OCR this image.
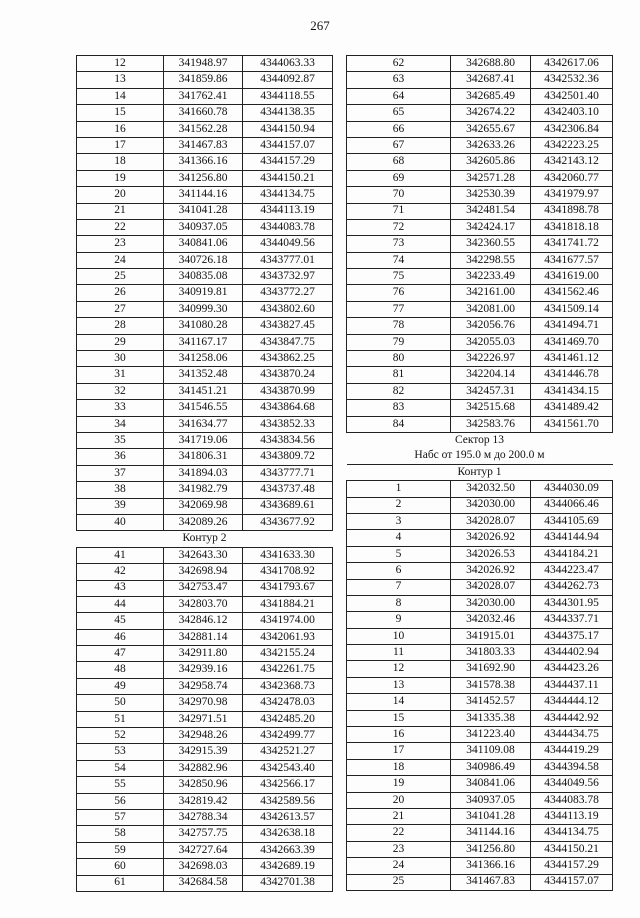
267
12	341948.97	4344063.33
13	341859.86	4344092.87
14	341762.41	4344118.55
15	341660.78	4344138.35
16	341562.28	4344150.94
17	341467.83	4344157.07
18	341366.16	4344157.29
19	341256.80	4344150.21
20	341144.16	4344134.75
21	341041.28	4344113.19
22	340937.05	4344083.78
23	340841.06	4344049.56
24	340726.18	4343777.01
25	340835.08	4343732.97
26	340919.81	4343772.27
27	340999.30	4343802.60
28	341080.28	4343827.45
29	341167.17	4343847.75
30	341258.06	4343862.25
31	341352.48	4343870.24
32	341451.21	4343870.99
33	341546.55	4343864.68
34	341634.77	4343852.33
35	341719.06	4343834.56
36	341806.31	4343809.72
37	341894.03	4343777.71
38	341982.79	4343737.48
39	342069.98	4343689.61
40	342089.26	4343677.92
Контур 2		
41	342643.30	4341633.30
42	342698.94	4341708.92
43	342753.47	4341793.67
44	342803.70	4341884.21
45	342846.12	4341974.00
46	342881.14	4342061.93
47	342911.80	4342155.24
48	342939.16	4342261.75
49	342958.74	4342368.73
50	342970.98	4342478.03
51	342971.51	4342485.20
52	342948.26	4342499.77
53	342915.39	4342521.27
54	342882.96	4342543.40
55	342850.96	4342566.17
56	342819.42	4342589.56
57	342788.34	4342613.57
58	342757.75	4342638.18
59	342727.64	4342663.39
60	342698.03	4342689.19
61	342684.58	4342701.38
62	342688.80	4342617.06
63	342687.41	4342532.36
64	342685.49	4342501.40
65	342674.22	4342403.10
66	342655.67	4342306.84
67	342633.26	4342223.25
68	342605.86	4342143.12
69	342571.28	4342060.77
70	342530.39	4341979.97
71	342481.54	4341898.78
72	342424.17	4341818.18
73	342360.55	4341741.72
74	342298.55	4341677.57
75	342233.49	4341619.00
76	342161.00	4341562.46
77	342081.00	4341509.14
78	342056.76	4341494.71
79	342055.03	4341469.70
80	342226.97	4341461.12
81	342204.14	4341446.78
82	342457.31	4341434.15
83	342515.68	4341489.42
84	342583.76	4341561.70
Сектор 13		
Набс от 195.0 м до 200.0 м		
Контур 1		
1	342032.50	4344030.09
2	342030.00	4344066.46
3	342028.07	4344105.69
4	342026.92	4344144.94
5	342026.53	4344184.21
6	342026.92	4344223.47
7	342028.07	4344262.73
8	342030.00	4344301.95
9	342032.46	4344337.71
10	341915.01	4344375.17
11	341803.33	4344402.94
12	341692.90	4344423.26
13	341578.38	4344437.11
14	341452.57	4344444.12
15	341335.38	4344442.92
16	341223.40	4344434.75
17	341109.08	4344419.29
18	340986.49	4344394.58
19	340841.06	4344049.56
20	340937.05	4344083.78
21	341041.28	4344113.19
22	341144.16	4344134.75
23	341256.80	4344150.21
24	341366.16	4344157.29
25	341467.83	4344157.07
